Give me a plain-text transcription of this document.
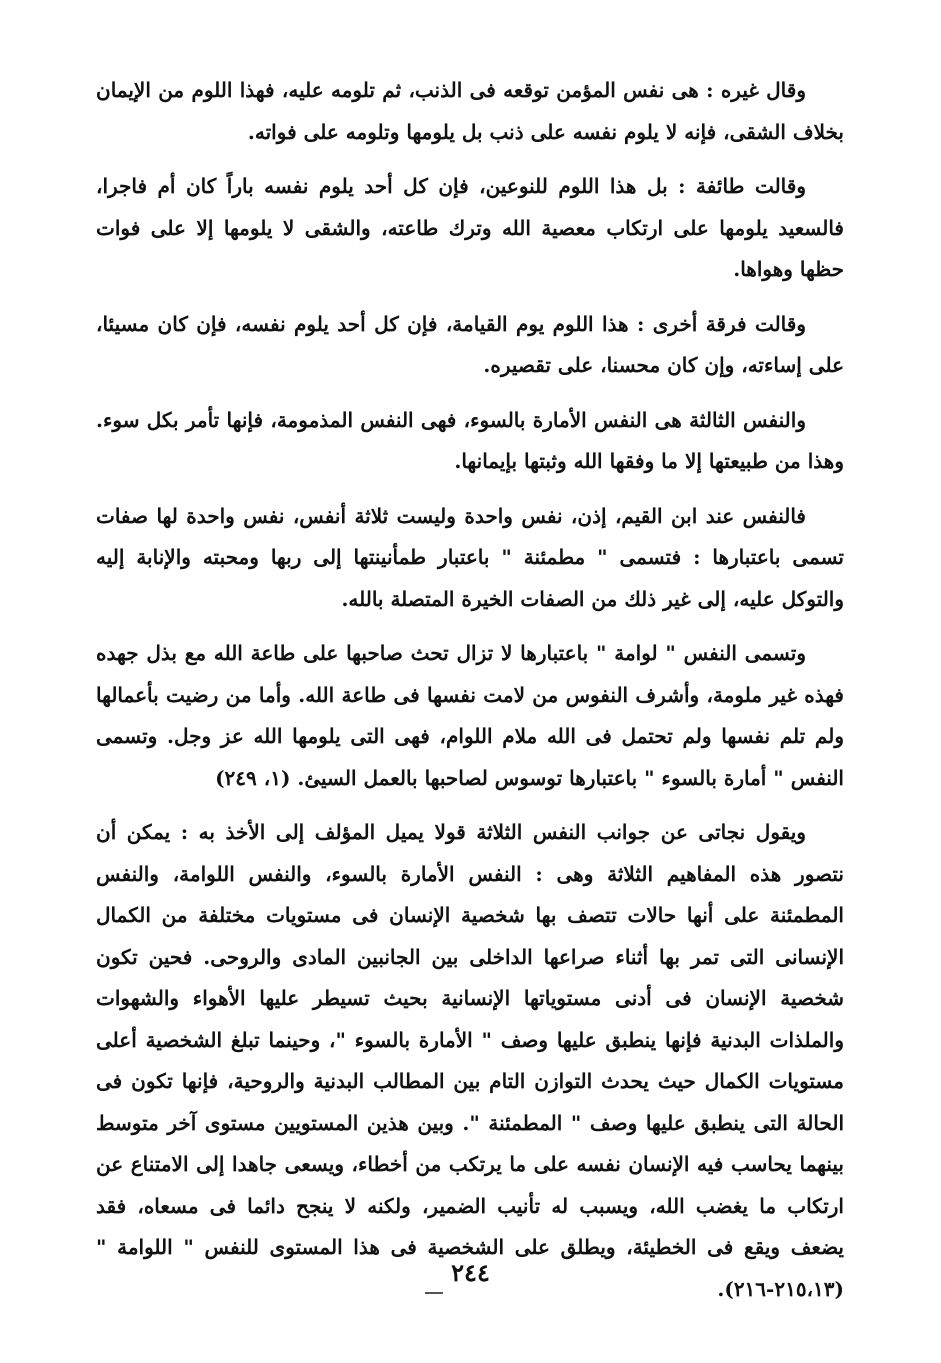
وقال غيره : هى نفس المؤمن توقعه فى الذنب، ثم تلومه عليه، فهذا اللوم من الإيمان بخلاف الشقى، فإنه لا يلوم نفسه على ذنب بل يلومها وتلومه على فواته.

وقالت طائفة : بل هذا اللوم للنوعين، فإن كل أحد يلوم نفسه باراً كان أم فاجرا، فالسعيد يلومها على ارتكاب معصية الله وترك طاعته، والشقى لا يلومها إلا على فوات حظها وهواها.

وقالت فرقة أخرى : هذا اللوم يوم القيامة، فإن كل أحد يلوم نفسه، فإن كان مسيئا، على إساءته، وإن كان محسنا، على تقصيره.

والنفس الثالثة هى النفس الأمارة بالسوء، فهى النفس المذمومة، فإنها تأمر بكل سوء. وهذا من طبيعتها إلا ما وفقها الله وثبتها بإيمانها.

فالنفس عند ابن القيم، إذن، نفس واحدة وليست ثلاثة أنفس، نفس واحدة لها صفات تسمى باعتبارها : فتسمى " مطمئنة " باعتبار طمأنينتها إلى ربها ومحبته والإنابة إليه والتوكل عليه، إلى غير ذلك من الصفات الخيرة المتصلة بالله.

وتسمى النفس " لوامة " باعتبارها لا تزال تحث صاحبها على طاعة الله مع بذل جهده فهذه غير ملومة، وأشرف النفوس من لامت نفسها فى طاعة الله. وأما من رضيت بأعمالها ولم تلم نفسها ولم تحتمل فى الله ملام اللوام، فهى التى يلومها الله عز وجل. وتسمى النفس " أمارة بالسوء " باعتبارها توسوس لصاحبها بالعمل السيئ. (١، ٢٤٩)

ويقول نجاتى عن جوانب النفس الثلاثة قولا يميل المؤلف إلى الأخذ به : يمكن أن نتصور هذه المفاهيم الثلاثة وهى : النفس الأمارة بالسوء، والنفس اللوامة، والنفس المطمئنة على أنها حالات تتصف بها شخصية الإنسان فى مستويات مختلفة من الكمال الإنسانى التى تمر بها أثناء صراعها الداخلى بين الجانبين المادى والروحى. فحين تكون شخصية الإنسان فى أدنى مستوياتها الإنسانية بحيث تسيطر عليها الأهواء والشهوات والملذات البدنية فإنها ينطبق عليها وصف " الأمارة بالسوء "، وحينما تبلغ الشخصية أعلى مستويات الكمال حيث يحدث التوازن التام بين المطالب البدنية والروحية، فإنها تكون فى الحالة التى ينطبق عليها وصف " المطمئنة ". وبين هذين المستويين مستوى آخر متوسط بينهما يحاسب فيه الإنسان نفسه على ما يرتكب من أخطاء، ويسعى جاهدا إلى الامتناع عن ارتكاب ما يغضب الله، ويسبب له تأنيب الضمير، ولكنه لا ينجح دائما فى مسعاه، فقد يضعف ويقع فى الخطيئة، ويطلق على الشخصية فى هذا المستوى للنفس " اللوامة " (٢١٥،١٣-٢١٦).

٢٤٤
